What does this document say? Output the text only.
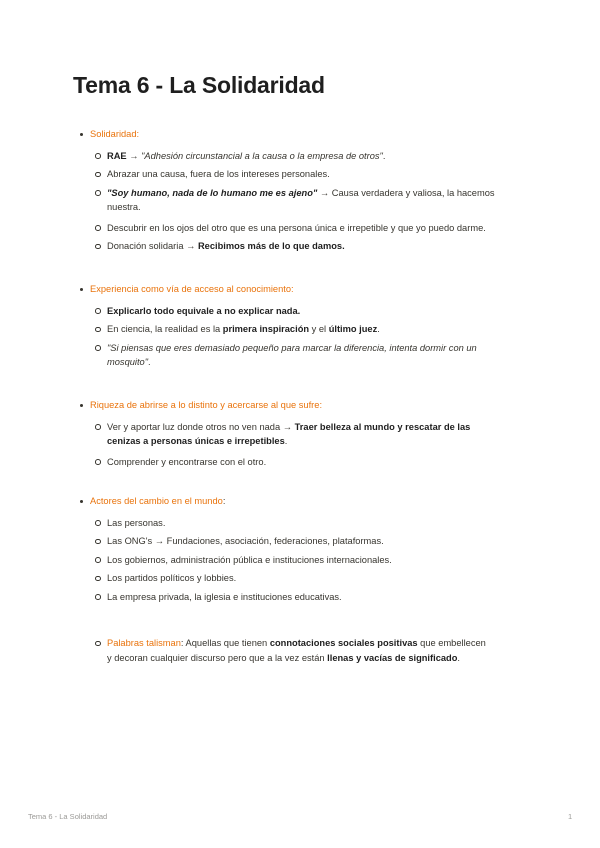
Tema 6 - La Solidaridad
Solidaridad:
RAE → "Adhesión circunstancial a la causa o la empresa de otros".
Abrazar una causa, fuera de los intereses personales.
"Soy humano, nada de lo humano me es ajeno" → Causa verdadera y valiosa, la hacemos
nuestra.
Descubrir en los ojos del otro que es una persona única e irrepetible y que yo puedo darme.
Donación solidaria → Recibimos más de lo que damos.
Experiencia como vía de acceso al conocimiento:
Explicarlo todo equivale a no explicar nada.
En ciencia, la realidad es la primera inspiración y el último juez.
"Si piensas que eres demasiado pequeño para marcar la diferencia, intenta dormir con un
mosquito".
Riqueza de abrirse a lo distinto y acercarse al que sufre:
Ver y aportar luz donde otros no ven nada → Traer belleza al mundo y rescatar de las
cenizas a personas únicas e irrepetibles.
Comprender y encontrarse con el otro.
Actores del cambio en el mundo:
Las personas.
Las ONG's → Fundaciones, asociación, federaciones, plataformas.
Los gobiernos, administración pública e instituciones internacionales.
Los partidos políticos y lobbies.
La empresa privada, la iglesia e instituciones educativas.
Palabras talisman: Aquellas que tienen connotaciones sociales positivas que embellecen
y decoran cualquier discurso pero que a la vez están llenas y vacías de significado.
Tema 6 - La Solidaridad	1
